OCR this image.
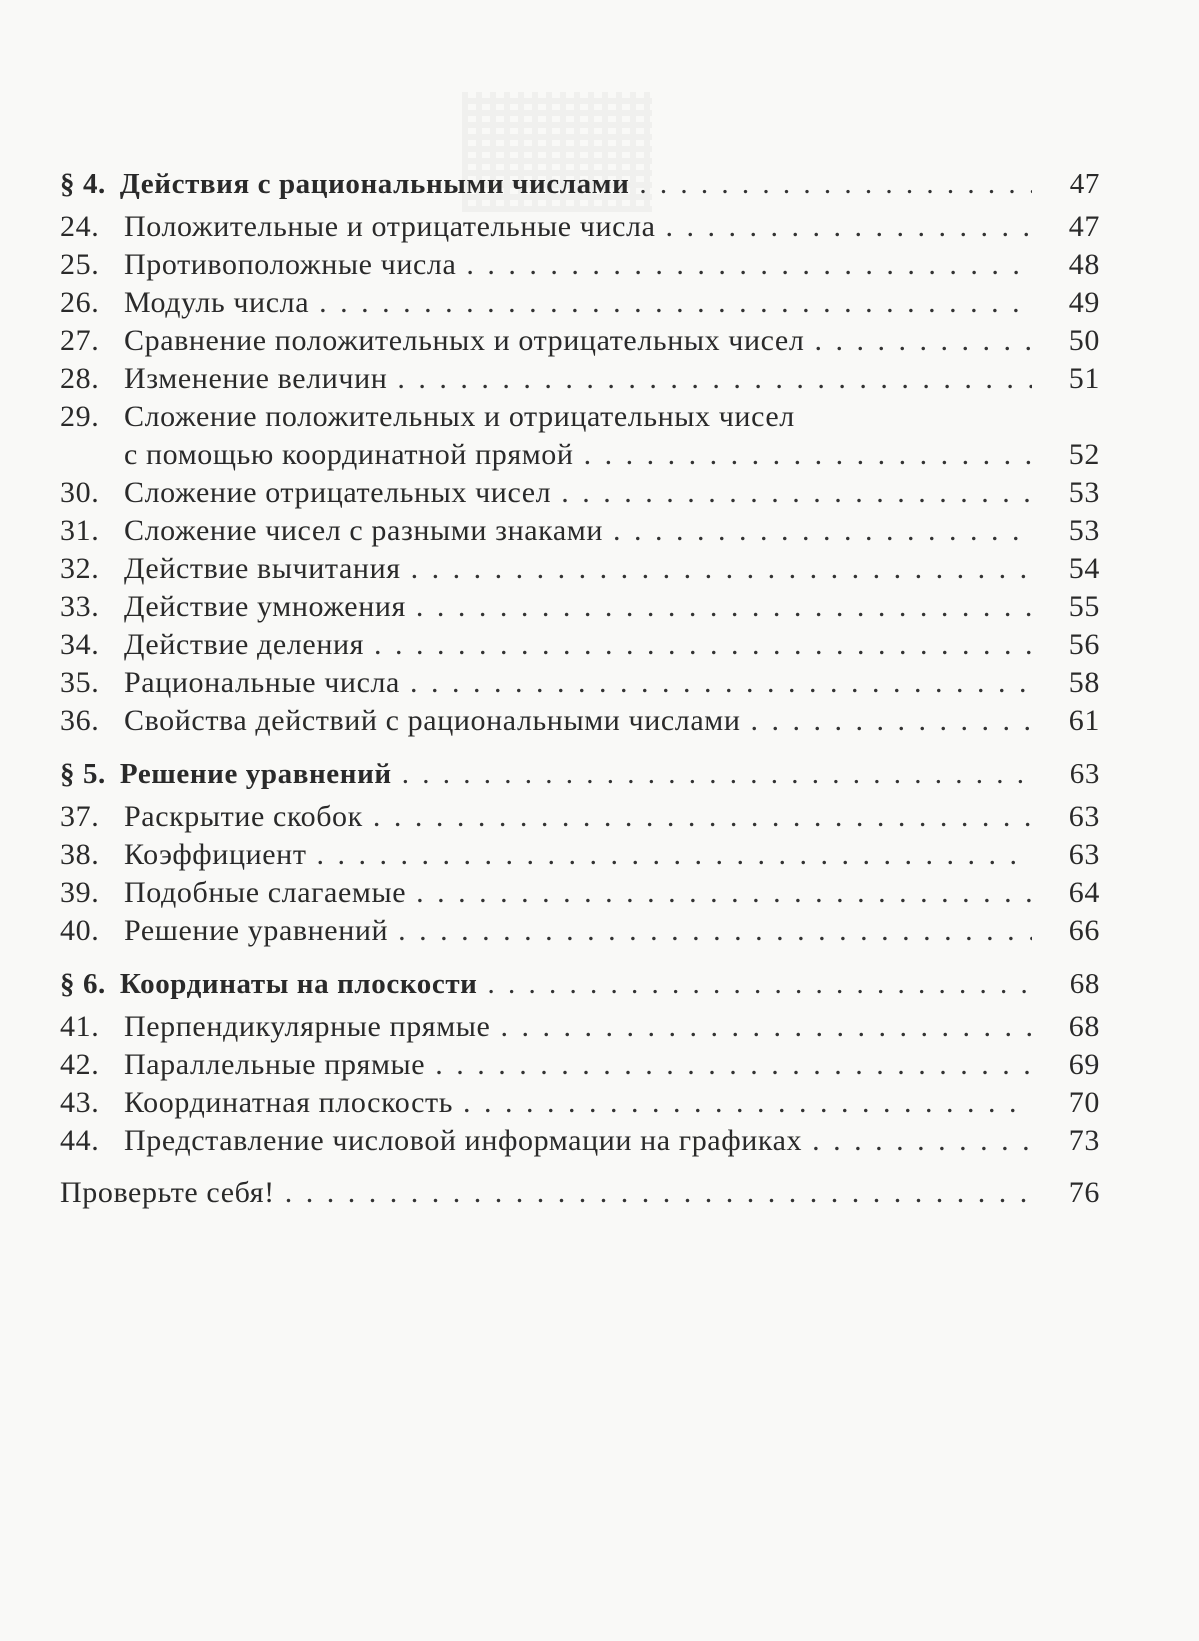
§ 4. Действия с рациональными числами . . .	47
24. Положительные и отрицательные числа . . .	47
25. Противоположные числа . . .	48
26. Модуль числа . . .	49
27. Сравнение положительных и отрицательных чисел . . .	50
28. Изменение величин . . .	51
29. Сложение положительных и отрицательных чисел
с помощью координатной прямой . . .	52
30. Сложение отрицательных чисел . . .	53
31. Сложение чисел с разными знаками . . .	53
32. Действие вычитания . . .	54
33. Действие умножения . . .	55
34. Действие деления . . .	56
35. Рациональные числа . . .	58
36. Свойства действий с рациональными числами . . .	61
§ 5. Решение уравнений . . .	63
37. Раскрытие скобок . . .	63
38. Коэффициент . . .	63
39. Подобные слагаемые . . .	64
40. Решение уравнений . . .	66
§ 6. Координаты на плоскости . . .	68
41. Перпендикулярные прямые . . .	68
42. Параллельные прямые . . .	69
43. Координатная плоскость . . .	70
44. Представление числовой информации на графиках . . .	73
Проверьте себя! . . .	76
